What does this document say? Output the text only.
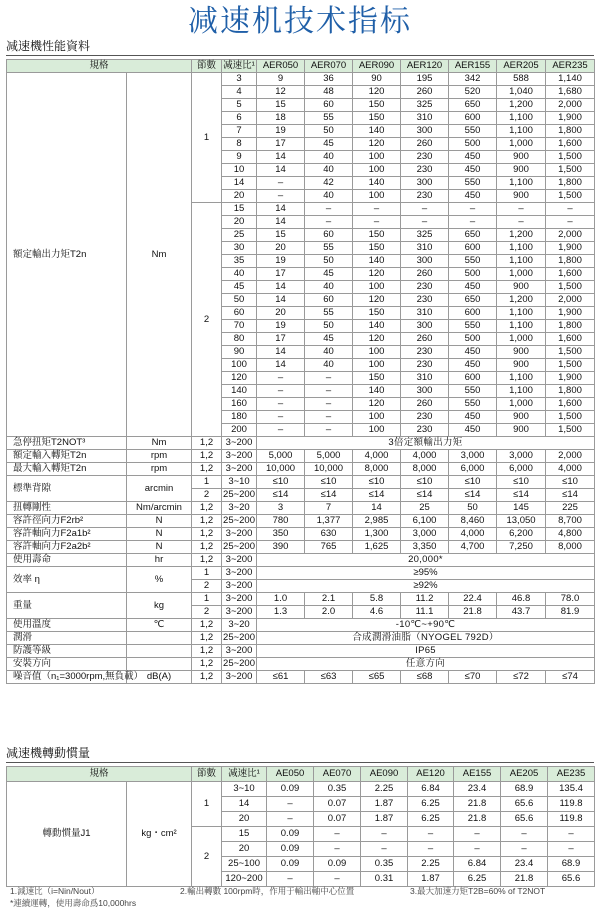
减速机技术指标
减速機性能資料
規格		節數	减速比¹	AER050	AER070	AER090	AER120	AER155	AER205	AER235
額定輸出力矩T2n	Nm	1	3	9	36	90	195	342	588	1,140
			4	12	48	120	260	520	1,040	1,680
			5	15	60	150	325	650	1,200	2,000
			6	18	55	150	310	600	1,100	1,900
			7	19	50	140	300	550	1,100	1,800
			8	17	45	120	260	500	1,000	1,600
			9	14	40	100	230	450	900	1,500
			10	14	40	100	230	450	900	1,500
			14	–	42	140	300	550	1,100	1,800
			20	–	40	100	230	450	900	1,500
		2	15	14	–	–	–	–	–	–
			20	14	–	–	–	–	–	–
			25	15	60	150	325	650	1,200	2,000
			30	20	55	150	310	600	1,100	1,900
			35	19	50	140	300	550	1,100	1,800
			40	17	45	120	260	500	1,000	1,600
			45	14	40	100	230	450	900	1,500
			50	14	60	120	230	650	1,200	2,000
			60	20	55	150	310	600	1,100	1,900
			70	19	50	140	300	550	1,100	1,800
			80	17	45	120	260	500	1,000	1,600
			90	14	40	100	230	450	900	1,500
			100	14	40	100	230	450	900	1,500
			120	–	–	150	310	600	1,100	1,900
			140	–	–	140	300	550	1,100	1,800
			160	–	–	120	260	550	1,000	1,600
			180	–	–	100	230	450	900	1,500
			200	–	–	100	230	450	900	1,500
急停扭矩T2NOT³	Nm	1,2	3~200	3倍定額輸出力矩						
額定輸入轉矩T2n	rpm	1,2	3~200	5,000	5,000	4,000	4,000	3,000	3,000	2,000
最大輸入轉矩T2n	rpm	1,2	3~200	10,000	10,000	8,000	8,000	6,000	6,000	4,000
標準背隙	arcmin	1	3~10	≤10	≤10	≤10	≤10	≤10	≤10	≤10
		2	25~200	≤14	≤14	≤14	≤14	≤14	≤14	≤14
扭轉剛性	Nm/arcmin	1,2	3~20	3	7	14	25	50	145	225
容許徑向力F2rb²	N	1,2	25~200	780	1,377	2,985	6,100	8,460	13,050	8,700
容許軸向力F2a1b²	N	1,2	3~200	350	630	1,300	3,000	4,000	6,200	4,800
容許軸向力F2a2b²	N	1,2	25~200	390	765	1,625	3,350	4,700	7,250	8,000
使用壽命	hr	1,2	3~200	20,000*						
效率 η	%	1	3~200	≥95%						
		2	3~200	≥92%						
重量	kg	1	3~200	1.0	2.1	5.8	11.2	22.4	46.8	78.0
		2	3~200	1.3	2.0	4.6	11.1	21.8	43.7	81.9
使用溫度	℃	1,2	3~20	-10℃~+90℃						
潤滑		1,2	25~200	合成潤滑油脂（NYOGEL 792D）						
防護等級		1,2	3~200	IP65						
安裝方向		1,2	25~200	任意方向						
噪音值（n₁=3000rpm,無負載）	dB(A)	1,2	3~200	≤61	≤63	≤65	≤68	≤70	≤72	≤74
减速機轉動慣量
規格		節數	减速比¹	AE050	AE070	AE090	AE120	AE155	AE205	AE235
轉動慣量J1	kg・cm²	1	3~10	0.09	0.35	2.25	6.84	23.4	68.9	135.4
			14	–	0.07	1.87	6.25	21.8	65.6	119.8
			20	–	0.07	1.87	6.25	21.8	65.6	119.8
		2	15	0.09	–	–	–	–	–	–
			20	0.09	–	–	–	–	–	–
			25~100	0.09	0.09	0.35	2.25	6.84	23.4	68.9
			120~200	–	–	0.31	1.87	6.25	21.8	65.6
1.減速比（i=Nin/Nout）	2.輸出轉數 100rpm時，作用于輸出軸中心位置	3.最大加速力矩T2B=60% of T2NOT
*連續運轉，使用壽命爲10,000hrs
